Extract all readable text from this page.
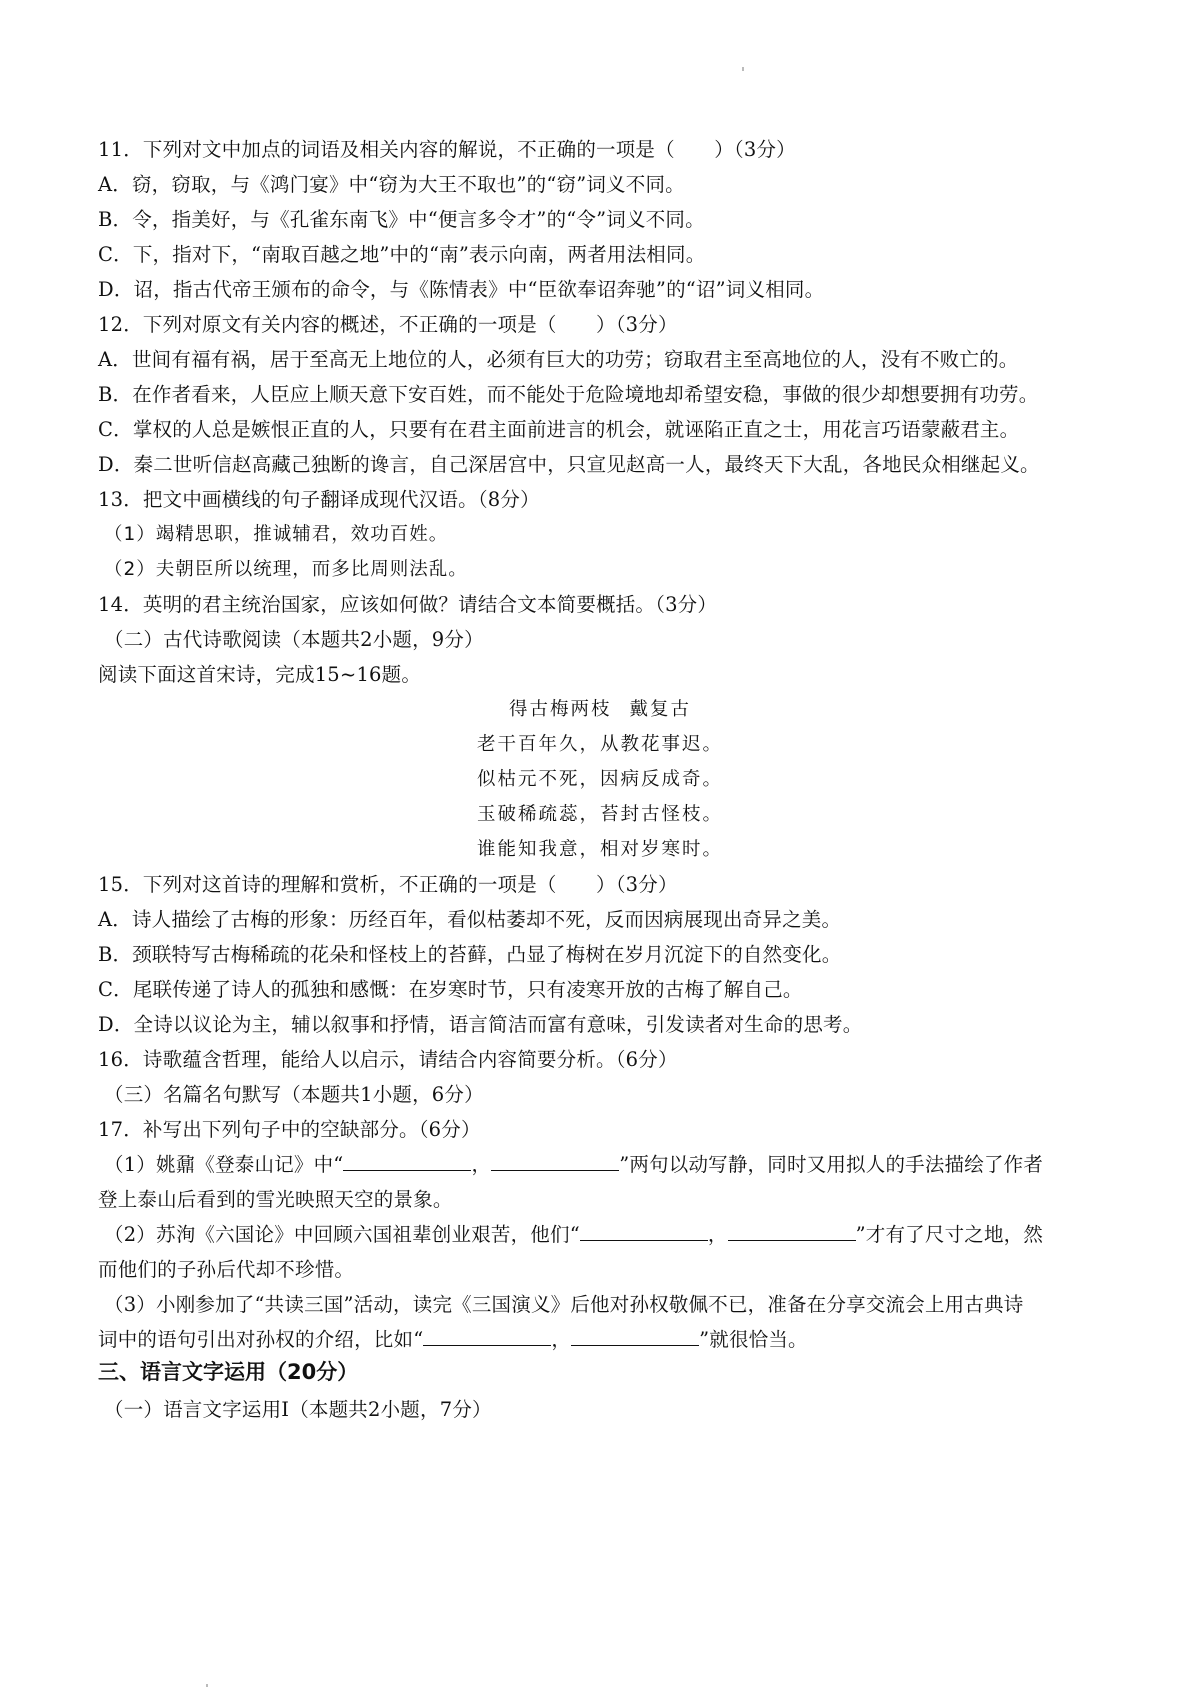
11．下列对文中加点的词语及相关内容的解说，不正确的一项是（　　）（3分）
A．窃，窃取，与《鸿门宴》中“窃为大王不取也”的“窃”词义不同。
B．令，指美好，与《孔雀东南飞》中“便言多令才”的“令”词义不同。
C．下，指对下，“南取百越之地”中的“南”表示向南，两者用法相同。
D．诏，指古代帝王颁布的命令，与《陈情表》中“臣欲奉诏奔驰”的“诏”词义相同。
12．下列对原文有关内容的概述，不正确的一项是（　　）（3分）
A．世间有福有祸，居于至高无上地位的人，必须有巨大的功劳；窃取君主至高地位的人，没有不败亡的。
B．在作者看来，人臣应上顺天意下安百姓，而不能处于危险境地却希望安稳，事做的很少却想要拥有功劳。
C．掌权的人总是嫉恨正直的人，只要有在君主面前进言的机会，就诬陷正直之士，用花言巧语蒙蔽君主。
D．秦二世听信赵高藏己独断的谗言，自己深居宫中，只宣见赵高一人，最终天下大乱，各地民众相继起义。
13．把文中画横线的句子翻译成现代汉语。（8分）
（1）竭精思职，推诚辅君，效功百姓。
（2）夫朝臣所以统理，而多比周则法乱。
14．英明的君主统治国家，应该如何做？请结合文本简要概括。（3分）
（二）古代诗歌阅读（本题共2小题，9分）
阅读下面这首宋诗，完成15~16题。
得古梅两枝 戴复古
老干百年久，从教花事迟。
似枯元不死，因病反成奇。
玉破稀疏蕊，苔封古怪枝。
谁能知我意，相对岁寒时。
15．下列对这首诗的理解和赏析，不正确的一项是（　　）（3分）
A．诗人描绘了古梅的形象：历经百年，看似枯萎却不死，反而因病展现出奇异之美。
B．颈联特写古梅稀疏的花朵和怪枝上的苔藓，凸显了梅树在岁月沉淀下的自然变化。
C．尾联传递了诗人的孤独和感慨：在岁寒时节，只有凌寒开放的古梅了解自己。
D．全诗以议论为主，辅以叙事和抒情，语言简洁而富有意味，引发读者对生命的思考。
16．诗歌蕴含哲理，能给人以启示，请结合内容简要分析。（6分）
（三）名篇名句默写（本题共1小题，6分）
17．补写出下列句子中的空缺部分。（6分）
（1）姚鼐《登泰山记》中“	，	”两句以动写静，同时又用拟人的手法描绘了作者
登上泰山后看到的雪光映照天空的景象。
（2）苏洵《六国论》中回顾六国祖辈创业艰苦，他们“	，	”才有了尺寸之地，然
而他们的子孙后代却不珍惜。
（3）小刚参加了“共读三国”活动，读完《三国演义》后他对孙权敬佩不已，准备在分享交流会上用古典诗
词中的语句引出对孙权的介绍，比如“	，	”就很恰当。
三、语言文字运用（20分）
（一）语言文字运用Ⅰ（本题共2小题，7分）
